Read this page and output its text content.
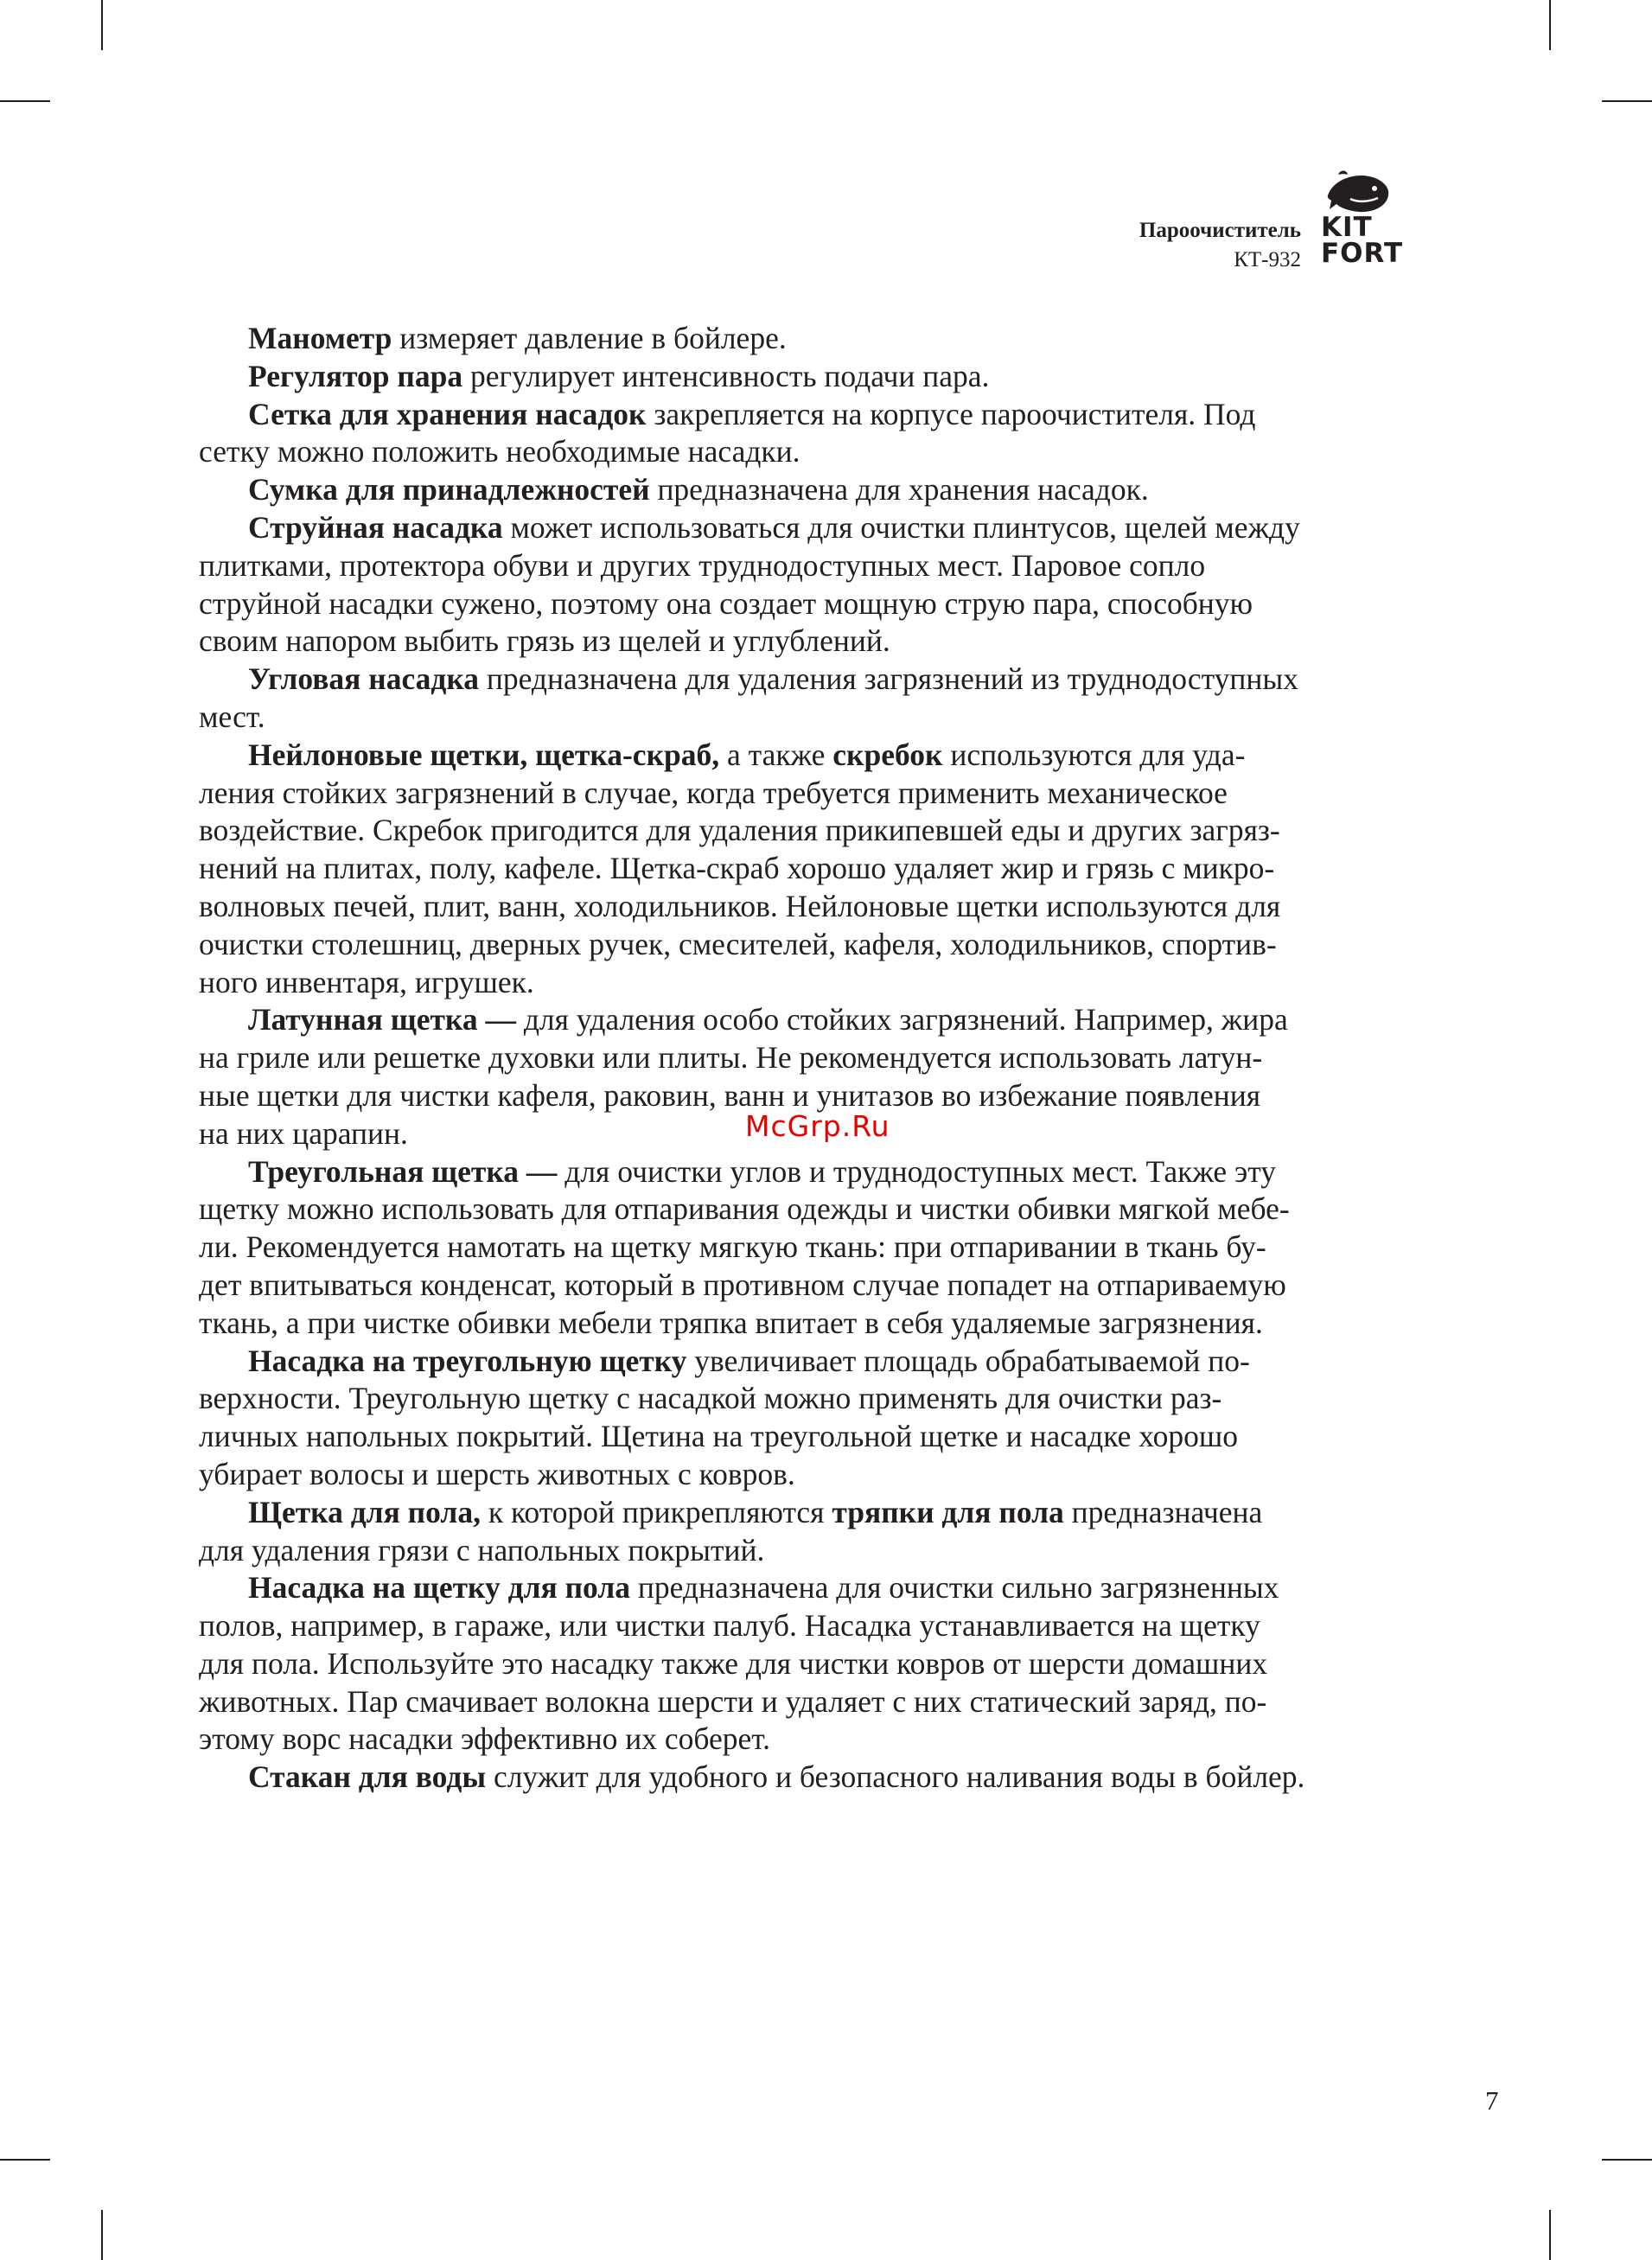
Пароочиститель
КТ-932
KIT
FORT

Манометр измеряет давление в бойлере.

Регулятор пара регулирует интенсивность подачи пара.

Сетка для хранения насадок закрепляется на корпусе пароочистителя. Под
сетку можно положить необходимые насадки.

Сумка для принадлежностей предназначена для хранения насадок.

Струйная насадка может использоваться для очистки плинтусов, щелей между
плитками, протектора обуви и других труднодоступных мест. Паровое сопло
струйной насадки сужено, поэтому она создает мощную струю пара, способную
своим напором выбить грязь из щелей и углублений.

Угловая насадка предназначена для удаления загрязнений из труднодоступных
мест.

Нейлоновые щетки, щетка-скраб, а также скребок используются для уда-
ления стойких загрязнений в случае, когда требуется применить механическое
воздействие. Скребок пригодится для удаления прикипевшей еды и других загряз-
нений на плитах, полу, кафеле. Щетка-скраб хорошо удаляет жир и грязь с микро-
волновых печей, плит, ванн, холодильников. Нейлоновые щетки используются для
очистки столешниц, дверных ручек, смесителей, кафеля, холодильников, спортив-
ного инвентаря, игрушек.

Латунная щетка — для удаления особо стойких загрязнений. Например, жира
на гриле или решетке духовки или плиты. Не рекомендуется использовать латун-
ные щетки для чистки кафеля, раковин, ванн и унитазов во избежание появления
на них царапин.

Треугольная щетка — для очистки углов и труднодоступных мест. Также эту
щетку можно использовать для отпаривания одежды и чистки обивки мягкой мебе-
ли. Рекомендуется намотать на щетку мягкую ткань: при отпаривании в ткань бу-
дет впитываться конденсат, который в противном случае попадет на отпариваемую
ткань, а при чистке обивки мебели тряпка впитает в себя удаляемые загрязнения.

Насадка на треугольную щетку увеличивает площадь обрабатываемой по-
верхности. Треугольную щетку с насадкой можно применять для очистки раз-
личных напольных покрытий. Щетина на треугольной щетке и насадке хорошо
убирает волосы и шерсть животных с ковров.

Щетка для пола, к которой прикрепляются тряпки для пола предназначена
для удаления грязи с напольных покрытий.

Насадка на щетку для пола предназначена для очистки сильно загрязненных
полов, например, в гараже, или чистки палуб. Насадка устанавливается на щетку
для пола. Используйте это насадку также для чистки ковров от шерсти домашних
животных. Пар смачивает волокна шерсти и удаляет с них статический заряд, по-
этому ворс насадки эффективно их соберет.

Стакан для воды служит для удобного и безопасного наливания воды в бойлер.

McGrp.Ru
7
